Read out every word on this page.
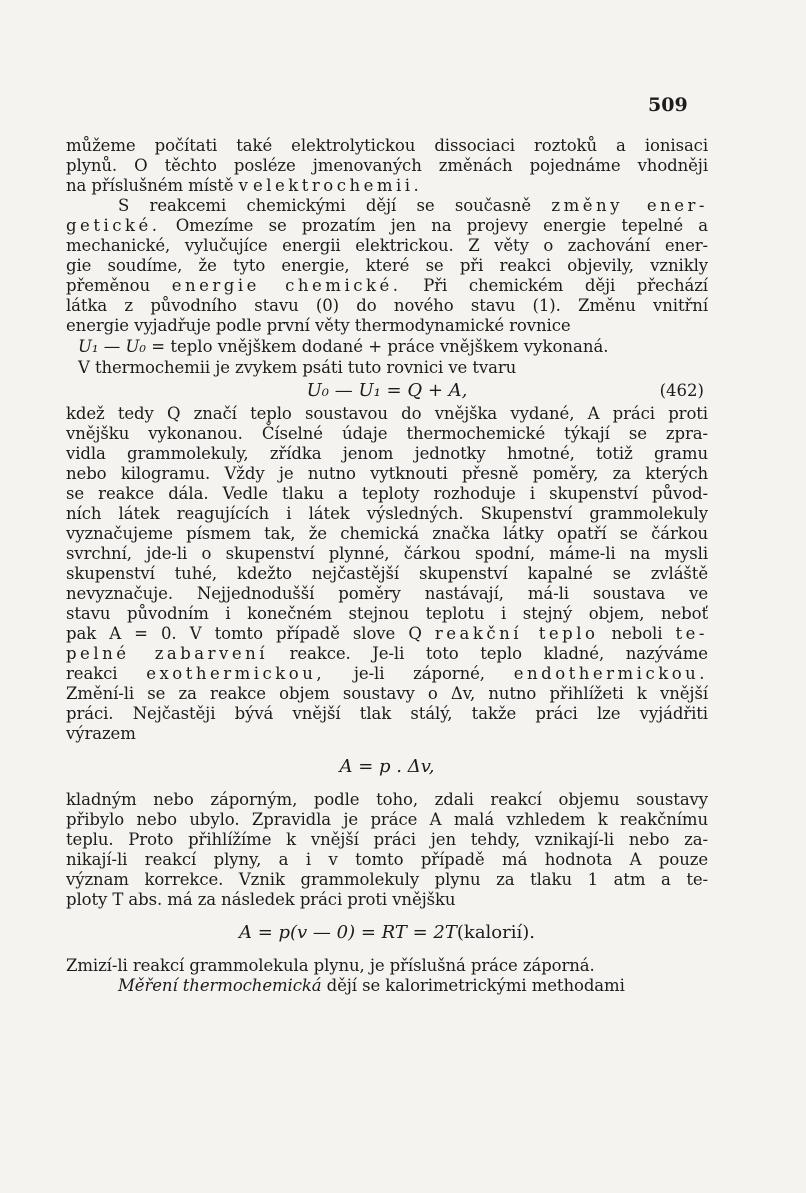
509
můžeme počítati také elektrolytickou dissociaci roztoků a ionisaci
plynů. O těchto posléze jmenovaných změnách pojednáme vhodněji
na příslušném místě v elektrochemii.
S reakcemi chemickými dějí se současně změny ener-
getické. Omezíme se prozatím jen na projevy energie tepelné a
mechanické, vylučujíce energii elektrickou. Z věty o zachování ener-
gie soudíme, že tyto energie, které se při reakci objevily, vznikly
přeměnou energie chemické. Při chemickém ději přechází
látka z původního stavu (0) do nového stavu (1). Změnu vnitřní
energie vyjadřuje podle první věty thermodynamické rovnice
U₁ — U₀ = teplo vnějškem dodané + práce vnějškem vykonaná.
V thermochemii je zvykem psáti tuto rovnici ve tvaru
U₀ — U₁ = Q + A,	(462)
kdež tedy Q značí teplo soustavou do vnějška vydané, A práci proti
vnějšku vykonanou. Číselné údaje thermochemické týkají se zpra-
vidla grammolekuly, zřídka jenom jednotky hmotné, totiž gramu
nebo kilogramu. Vždy je nutno vytknouti přesně poměry, za kterých
se reakce dála. Vedle tlaku a teploty rozhoduje i skupenství původ-
ních látek reagujících i látek výsledných. Skupenství grammolekuly
vyznačujeme písmem tak, že chemická značka látky opatří se čárkou
svrchní, jde-li o skupenství plynné, čárkou spodní, máme-li na mysli
skupenství tuhé, kdežto nejčastější skupenství kapalné se zvláště
nevyznačuje. Nejjednodušší poměry nastávají, má-li soustava ve
stavu původním i konečném stejnou teplotu i stejný objem, neboť
pak A = 0. V tomto případě slove Q reakční teplo neboli te-
pelné zabarvení reakce. Je-li toto teplo kladné, nazýváme
reakci exothermickou, je-li záporné, endothermickou.
Změní-li se za reakce objem soustavy o Δv, nutno přihlížeti k vnější
práci. Nejčastěji bývá vnější tlak stálý, takže práci lze vyjádřiti
výrazem
A = p . Δv,
kladným nebo záporným, podle toho, zdali reakcí objemu soustavy
přibylo nebo ubylo. Zpravidla je práce A malá vzhledem k reakčnímu
teplu. Proto přihlížíme k vnější práci jen tehdy, vznikají-li nebo za-
nikají-li reakcí plyny, a i v tomto případě má hodnota A pouze
význam korrekce. Vznik grammolekuly plynu za tlaku 1 atm a te-
ploty T abs. má za následek práci proti vnějšku
A = p(v — 0) = RT = 2T(kalorií).
Zmizí-li reakcí grammolekula plynu, je příslušná práce záporná.
Měření thermochemická dějí se kalorimetrickými methodami
